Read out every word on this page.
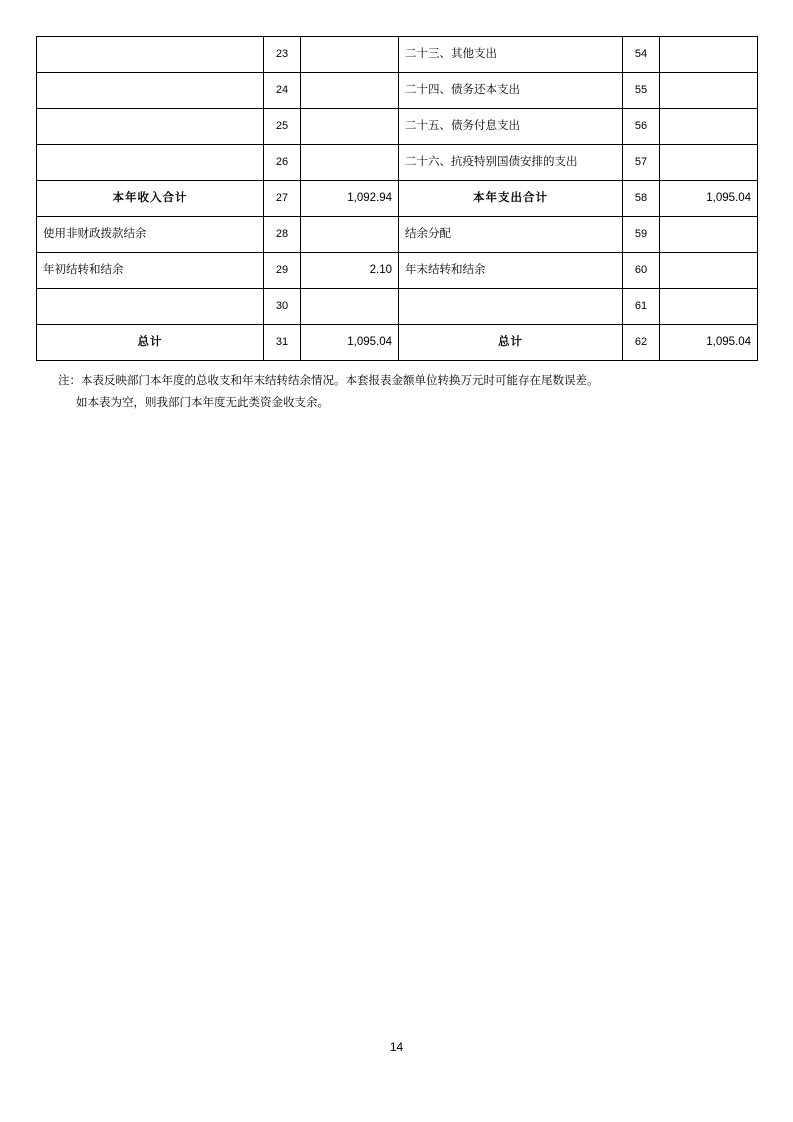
	23		二十三、其他支出	54	
	24		二十四、债务还本支出	55	
	25		二十五、债务付息支出	56	
	26		二十六、抗疫特别国债安排的支出	57	
本年收入合计	27	1,092.94	本年支出合计	58	1,095.04
使用非财政拨款结余	28		结余分配	59	
年初结转和结余	29	2.10	年末结转和结余	60	
	30			61	
总计	31	1,095.04	总计	62	1,095.04
注：本表反映部门本年度的总收支和年末结转结余情况。本套报表金额单位转换万元时可能存在尾数误差。
如本表为空，则我部门本年度无此类资金收支余。
14
